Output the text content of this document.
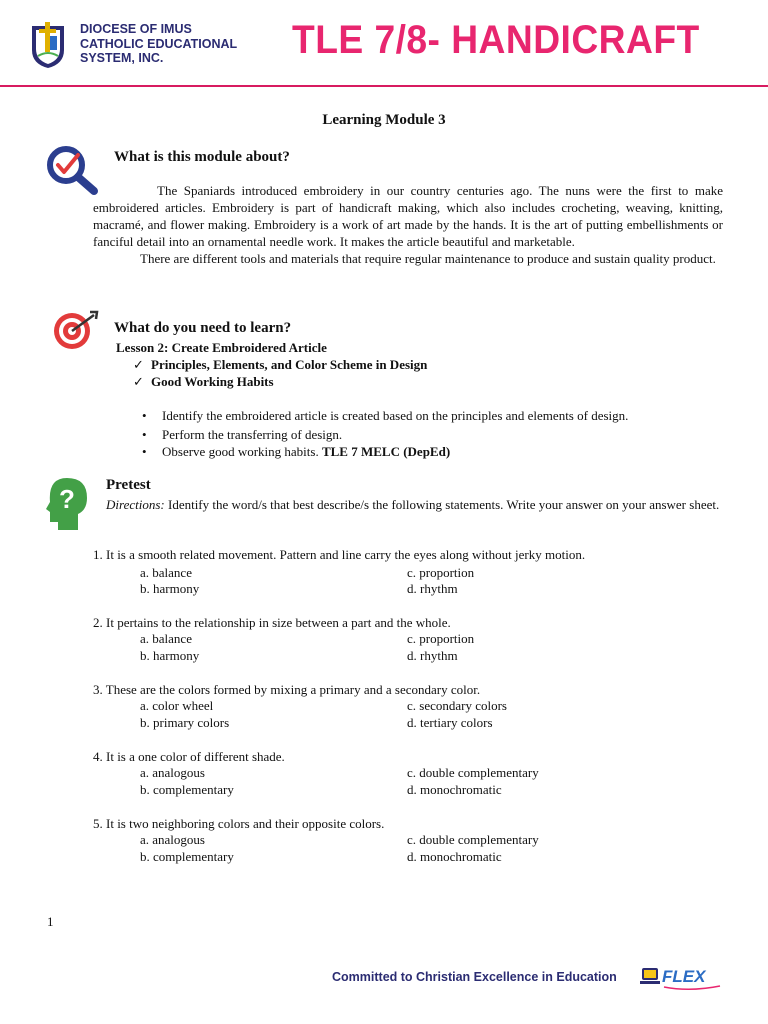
DIOCESE OF IMUS
CATHOLIC EDUCATIONAL
SYSTEM, INC.	TLE 7/8- HANDICRAFT
Learning Module 3
What is this module about?

The Spaniards introduced embroidery in our country centuries ago. The nuns were the first to make embroidered articles. Embroidery is part of handicraft making, which also includes crocheting, weaving, knitting, macramé, and flower making. Embroidery is a work of art made by the hands. It is the art of putting embellishments or fanciful detail into an ornamental needle work. It makes the article beautiful and marketable.

There are different tools and materials that require regular maintenance to produce and sustain quality product.

What do you need to learn?
Lesson 2: Create Embroidered Article
✓ Principles, Elements, and Color Scheme in Design
✓ Good Working Habits
• Identify the embroidered article is created based on the principles and elements of design.
• Perform the transferring of design.
• Observe good working habits. TLE 7 MELC (DepEd)
? Pretest
Directions: Identify the word/s that best describe/s the following statements. Write your answer on your answer sheet.
1. It is a smooth related movement. Pattern and line carry the eyes along without jerky motion.
a. balance	c. proportion
b. harmony	d. rhythm
2. It pertains to the relationship in size between a part and the whole.
a. balance	c. proportion
b. harmony	d. rhythm
3. These are the colors formed by mixing a primary and a secondary color.
a. color wheel	c. secondary colors
b. primary colors	d. tertiary colors
4. It is a one color of different shade.
a. analogous	c. double complementary
b. complementary	d. monochromatic
5. It is two neighboring colors and their opposite colors.
a. analogous	c. double complementary
b. complementary	d. monochromatic
1
Committed to Christian Excellence in Education	FLEX
